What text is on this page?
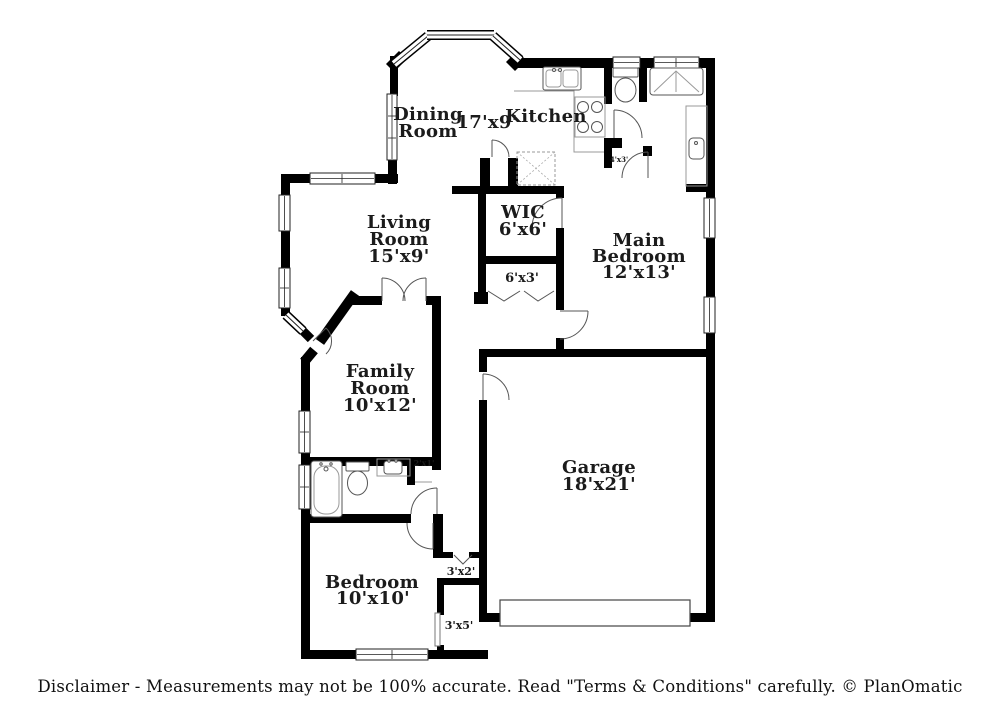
Dining
Room
17'x9'
Kitchen
Living
Room
15'x9'
WIC
6'x6'
Main
Bedroom
12'x13'
Family
Room
10'x12'
Garage
18'x21'
Bedroom
10'x10'
6'x3'
4'x3'
2'x1'
3'x2'
3'x5'
Disclaimer - Measurements may not be 100% accurate. Read "Terms & Conditions" carefully. © PlanOmatic
